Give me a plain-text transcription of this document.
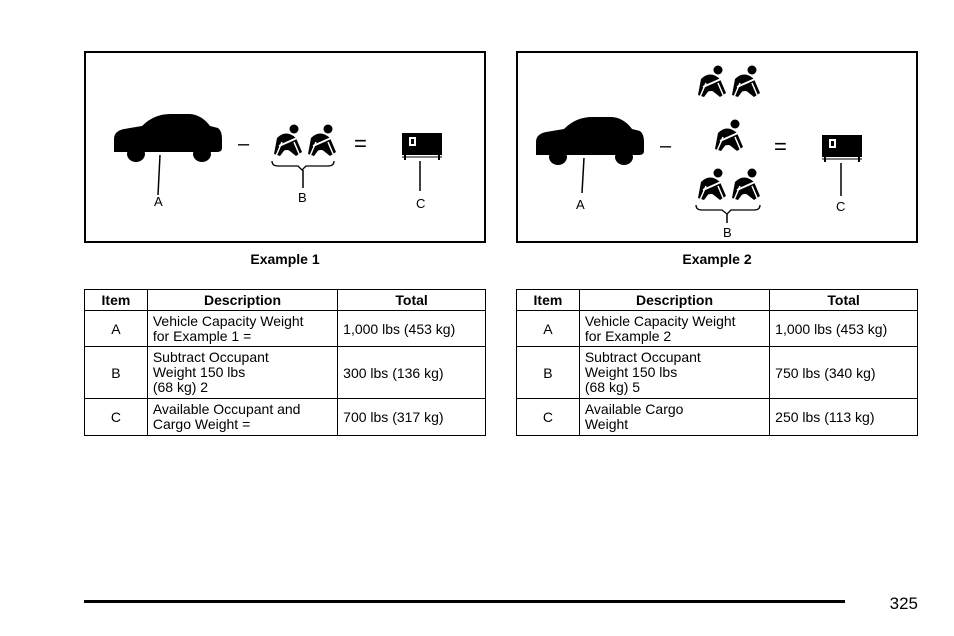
A
–
B
=
C
Example 1
Item	Description	Total
A	Vehicle Capacity Weight
for Example 1 =	1,000 lbs (453 kg)
B	Subtract Occupant
Weight 150 lbs
(68 kg) 2	300 lbs (136 kg)
C	Available Occupant and
Cargo Weight =	700 lbs (317 kg)
A
–
B
=
C
Example 2
Item	Description	Total
A	Vehicle Capacity Weight
for Example 2	1,000 lbs (453 kg)
B	Subtract Occupant
Weight 150 lbs
(68 kg) 5	750 lbs (340 kg)
C	Available Cargo
Weight	250 lbs (113 kg)
325
